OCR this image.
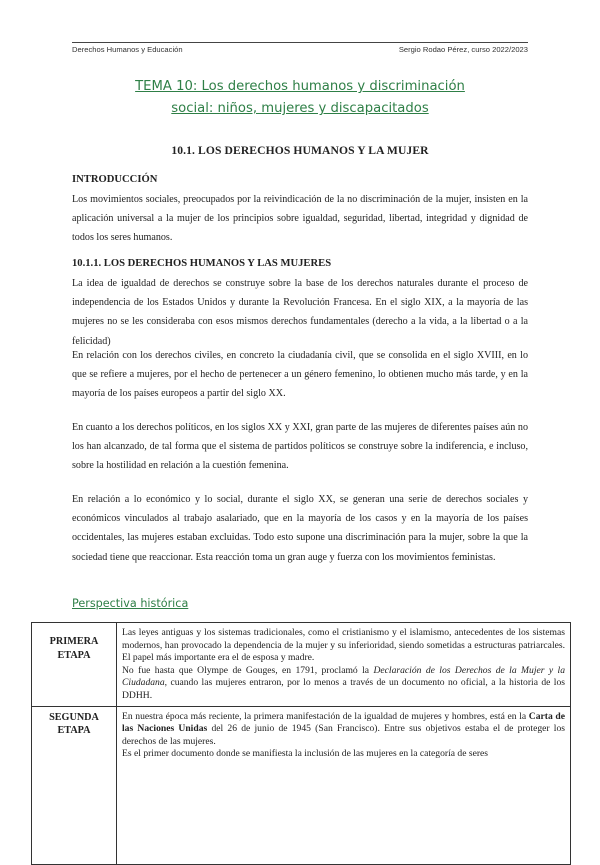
Derechos Humanos y Educación	Sergio Rodao Pérez, curso 2022/2023
TEMA 10: Los derechos humanos y discriminación
social: niños, mujeres y discapacitados
10.1. LOS DERECHOS HUMANOS Y LA MUJER
INTRODUCCIÓN

Los movimientos sociales, preocupados por la reivindicación de la no discriminación de la mujer, insisten en la aplicación universal a la mujer de los principios sobre igualdad, seguridad, libertad, integridad y dignidad de todos los seres humanos.

10.1.1. LOS DERECHOS HUMANOS Y LAS MUJERES

La idea de igualdad de derechos se construye sobre la base de los derechos naturales durante el proceso de independencia de los Estados Unidos y durante la Revolución Francesa. En el siglo XIX, a la mayoría de las mujeres no se les consideraba con esos mismos derechos fundamentales (derecho a la vida, a la libertad o a la felicidad)

En relación con los derechos civiles, en concreto la ciudadanía civil, que se consolida en el siglo XVIII, en lo que se refiere a mujeres, por el hecho de pertenecer a un género femenino, lo obtienen mucho más tarde, y en la mayoría de los países europeos a partir del siglo XX.

En cuanto a los derechos políticos, en los siglos XX y XXI, gran parte de las mujeres de diferentes países aún no los han alcanzado, de tal forma que el sistema de partidos políticos se construye sobre la indiferencia, e incluso, sobre la hostilidad en relación a la cuestión femenina.

En relación a lo económico y lo social, durante el siglo XX, se generan una serie de derechos sociales y económicos vinculados al trabajo asalariado, que en la mayoría de los casos y en la mayoría de los países occidentales, las mujeres estaban excluidas. Todo esto supone una discriminación para la mujer, sobre la que la sociedad tiene que reaccionar. Esta reacción toma un gran auge y fuerza con los movimientos feministas.

Perspectiva histórica
PRIMERA
ETAPA	Las leyes antiguas y los sistemas tradicionales, como el cristianismo y el islamismo, antecedentes de los sistemas modernos, han provocado la dependencia de la mujer y su inferioridad, siendo sometidas a estructuras patriarcales. El papel más importante era el de esposa y madre.
No fue hasta que Olympe de Gouges, en 1791, proclamó la Declaración de los Derechos de la Mujer y la Ciudadana, cuando las mujeres entraron, por lo menos a través de un documento no oficial, a la historia de los DDHH.

SEGUNDA
ETAPA	En nuestra época más reciente, la primera manifestación de la igualdad de mujeres y hombres, está en la Carta de las Naciones Unidas del 26 de junio de 1945 (San Francisco). Entre sus objetivos estaba el de proteger los derechos de las mujeres.
Es el primer documento donde se manifiesta la inclusión de las mujeres en la categoría de seres
